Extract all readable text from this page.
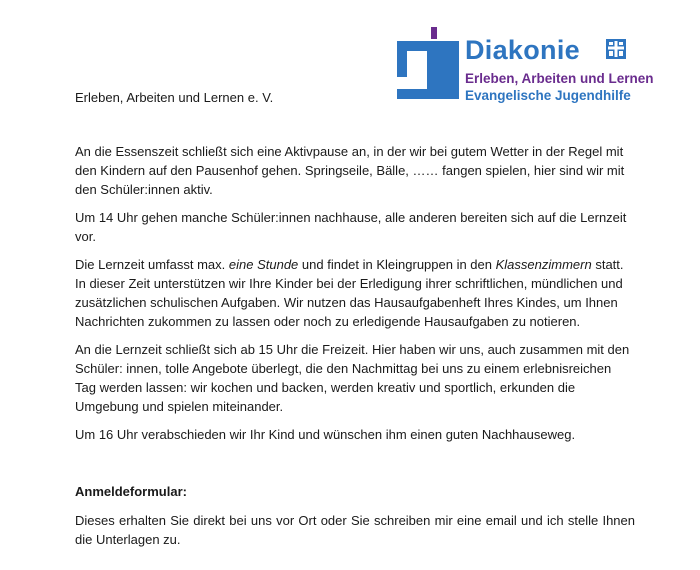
Diakonie
Erleben, Arbeiten und Lernen
Evangelische Jugendhilfe
Erleben, Arbeiten und Lernen e. V.

An die Essenszeit schließt sich eine Aktivpause an, in der wir bei gutem Wetter in der Regel mit den Kindern auf den Pausenhof gehen. Springseile, Bälle, …… fangen spielen, hier sind wir mit den Schüler:innen aktiv.

Um 14 Uhr gehen manche Schüler:innen nachhause, alle anderen bereiten sich auf die Lernzeit vor.

Die Lernzeit umfasst max. eine Stunde und findet in Kleingruppen in den Klassenzimmern statt. In dieser Zeit unterstützen wir Ihre Kinder bei der Erledigung ihrer schriftlichen, mündlichen und zusätzlichen schulischen Aufgaben. Wir nutzen das Hausaufgabenheft Ihres Kindes, um Ihnen Nachrichten zukommen zu lassen oder noch zu erledigende Hausaufgaben zu notieren.

An die Lernzeit schließt sich ab 15 Uhr die Freizeit. Hier haben wir uns, auch zusammen mit den Schüler: innen, tolle Angebote überlegt, die den Nachmittag bei uns zu einem erlebnisreichen Tag werden lassen: wir kochen und backen, werden kreativ und sportlich, erkunden die Umgebung und spielen miteinander.

Um 16 Uhr verabschieden wir Ihr Kind und wünschen ihm einen guten Nachhauseweg.

Anmeldeformular:

Dieses erhalten Sie direkt bei uns vor Ort oder Sie schreiben mir eine email und ich stelle Ihnen die Unterlagen zu.
